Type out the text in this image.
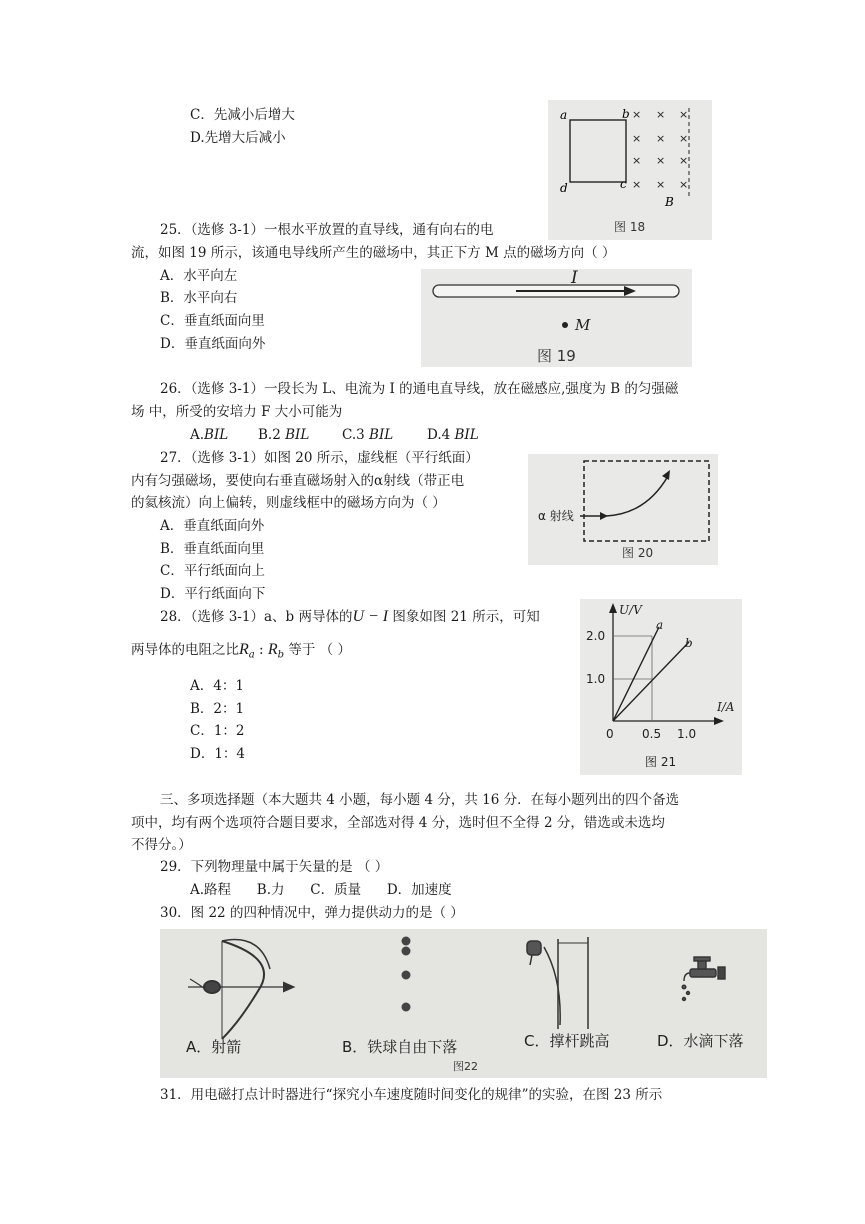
C．先减小后增大
D.先增大后减小
a	b
d	c
B
× × ×
× × ×
× × ×
× × ×
图 18
25．（选修 3-1）一根水平放置的直导线，通有向右的电
流，如图 19 所示，该通电导线所产生的磁场中，其正下方 M 点的磁场方向（ ）
A．水平向左
B．水平向右
C．垂直纸面向里
D．垂直纸面向外
I
M
图 19
26．（选修 3-1）一段长为 L、电流为 I 的通电直导线，放在磁感应,强度为 B 的匀强磁
场 中，所受的安培力 F 大小可能为
A.BIL B.2 BIL C.3 BIL	D.4 BIL
27．（选修 3-1）如图 20 所示，虚线框（平行纸面）
内有匀强磁场，要使向右垂直磁场射入的α射线（带正电
的氦核流）向上偏转，则虚线框中的磁场方向为（ ）
A．垂直纸面向外
B．垂直纸面向里
C．平行纸面向上
D．平行纸面向下
α 射线
图 20
28．（选修 3-1）a、b 两导体的U − I 图象如图 21 所示，可知
两导体的电阻之比$R_a$ : $R_b$ 等于 （ ）
A．4：1
B．2：1
C．1：2
D．1：4
U/V
I/A
2.0
1.0
0 0.5 1.0
a
b
图 21
三、多项选择题（本大题共 4 小题，每小题 4 分，共 16 分．在每小题列出的四个备选
项中，均有两个选项符合题目要求，全部选对得 4 分，选时但不全得 2 分，错选或未选均
不得分。）
29．下列物理量中属于矢量的是 （ ）
A.路程      B.力      C．质量      D．加速度
30．图 22 的四种情况中，弹力提供动力的是（ ）
A．射箭	B．铁球自由下落	C．撑杆跳高	D．水滴下落
图22
31．用电磁打点计时器进行“探究小车速度随时间变化的规律”的实验，在图 23 所示
